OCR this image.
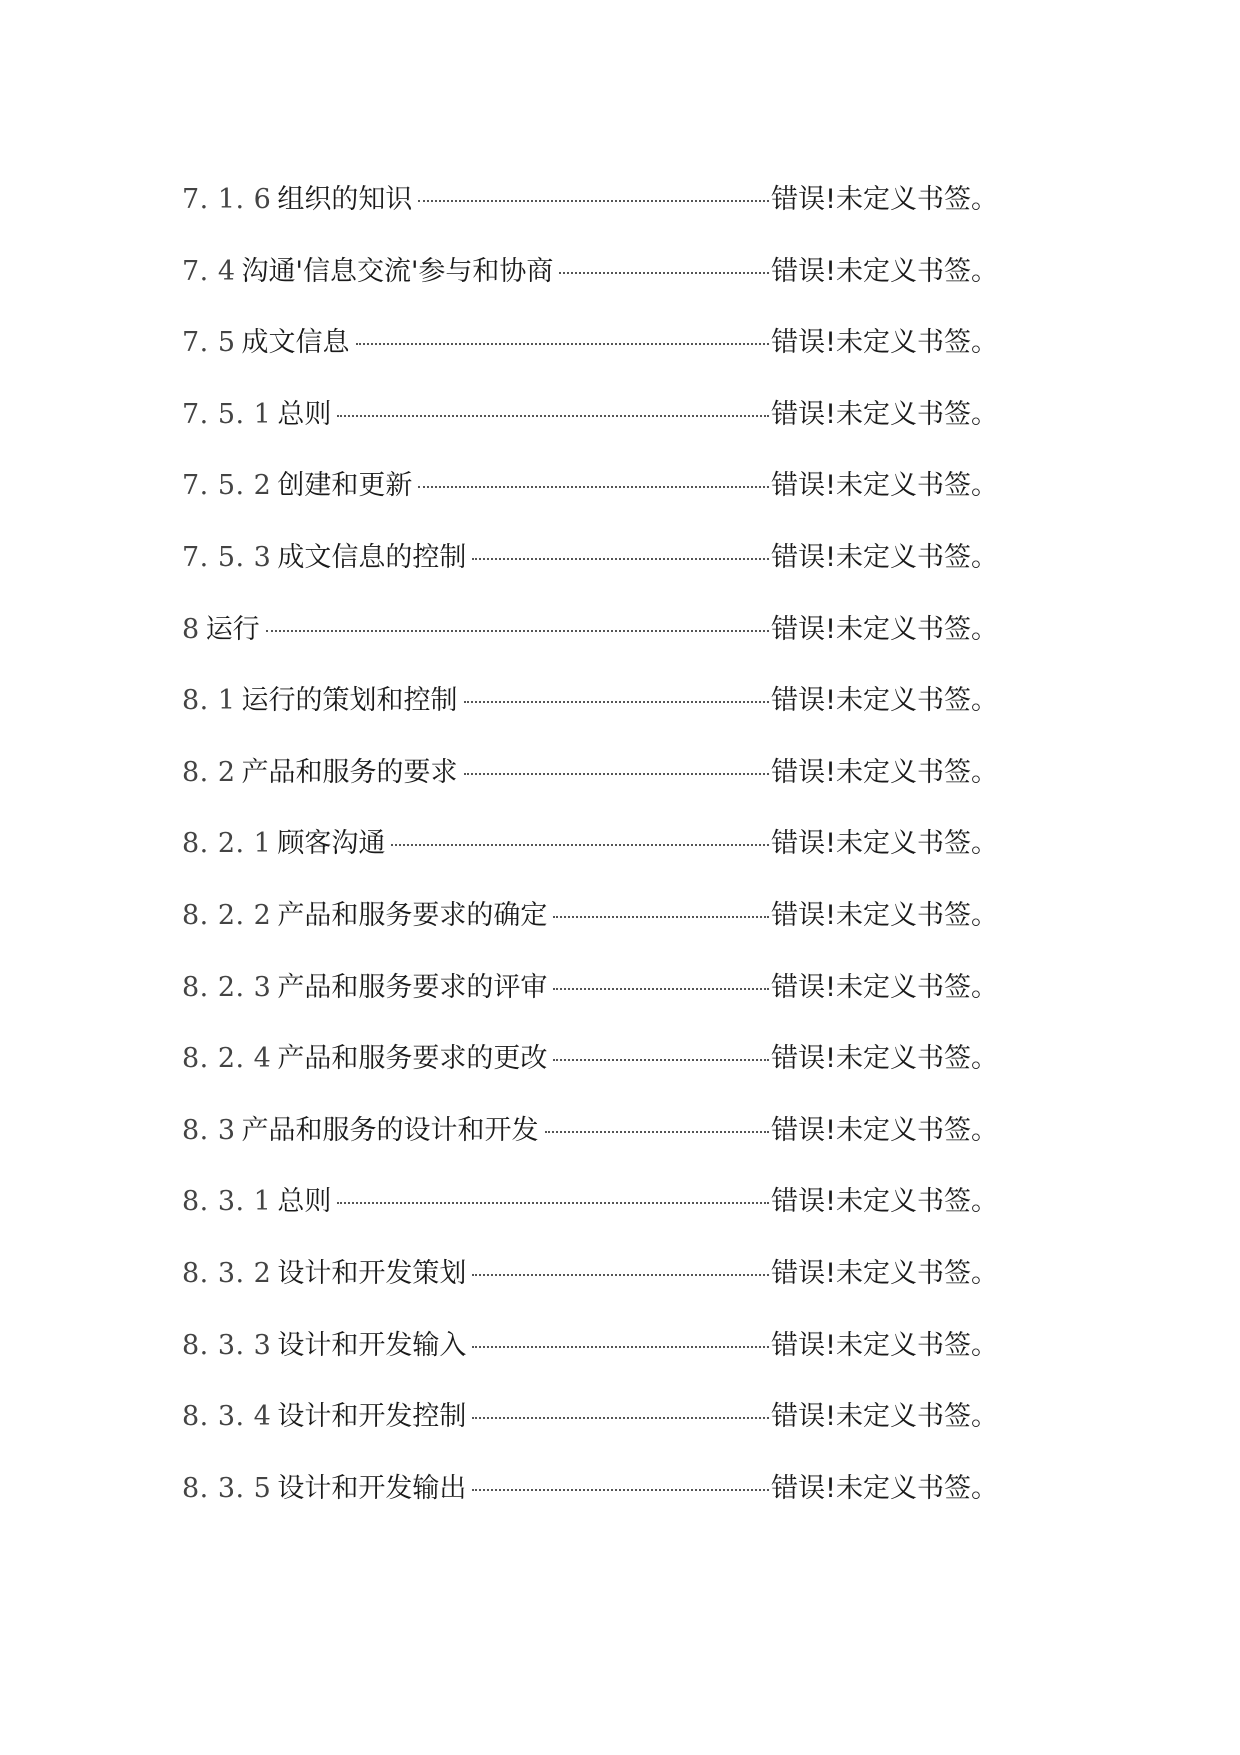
7. 1. 6 组织的知识	错误!未定义书签。
7. 4 沟通'信息交流'参与和协商	错误!未定义书签。
7. 5 成文信息	错误!未定义书签。
7. 5. 1 总则	错误!未定义书签。
7. 5. 2 创建和更新	错误!未定义书签。
7. 5. 3 成文信息的控制	错误!未定义书签。
8 运行	错误!未定义书签。
8. 1 运行的策划和控制	错误!未定义书签。
8. 2 产品和服务的要求	错误!未定义书签。
8. 2. 1 顾客沟通	错误!未定义书签。
8. 2. 2 产品和服务要求的确定	错误!未定义书签。
8. 2. 3 产品和服务要求的评审	错误!未定义书签。
8. 2. 4 产品和服务要求的更改	错误!未定义书签。
8. 3 产品和服务的设计和开发	错误!未定义书签。
8. 3. 1 总则	错误!未定义书签。
8. 3. 2 设计和开发策划	错误!未定义书签。
8. 3. 3 设计和开发输入	错误!未定义书签。
8. 3. 4 设计和开发控制	错误!未定义书签。
8. 3. 5 设计和开发输出	错误!未定义书签。
